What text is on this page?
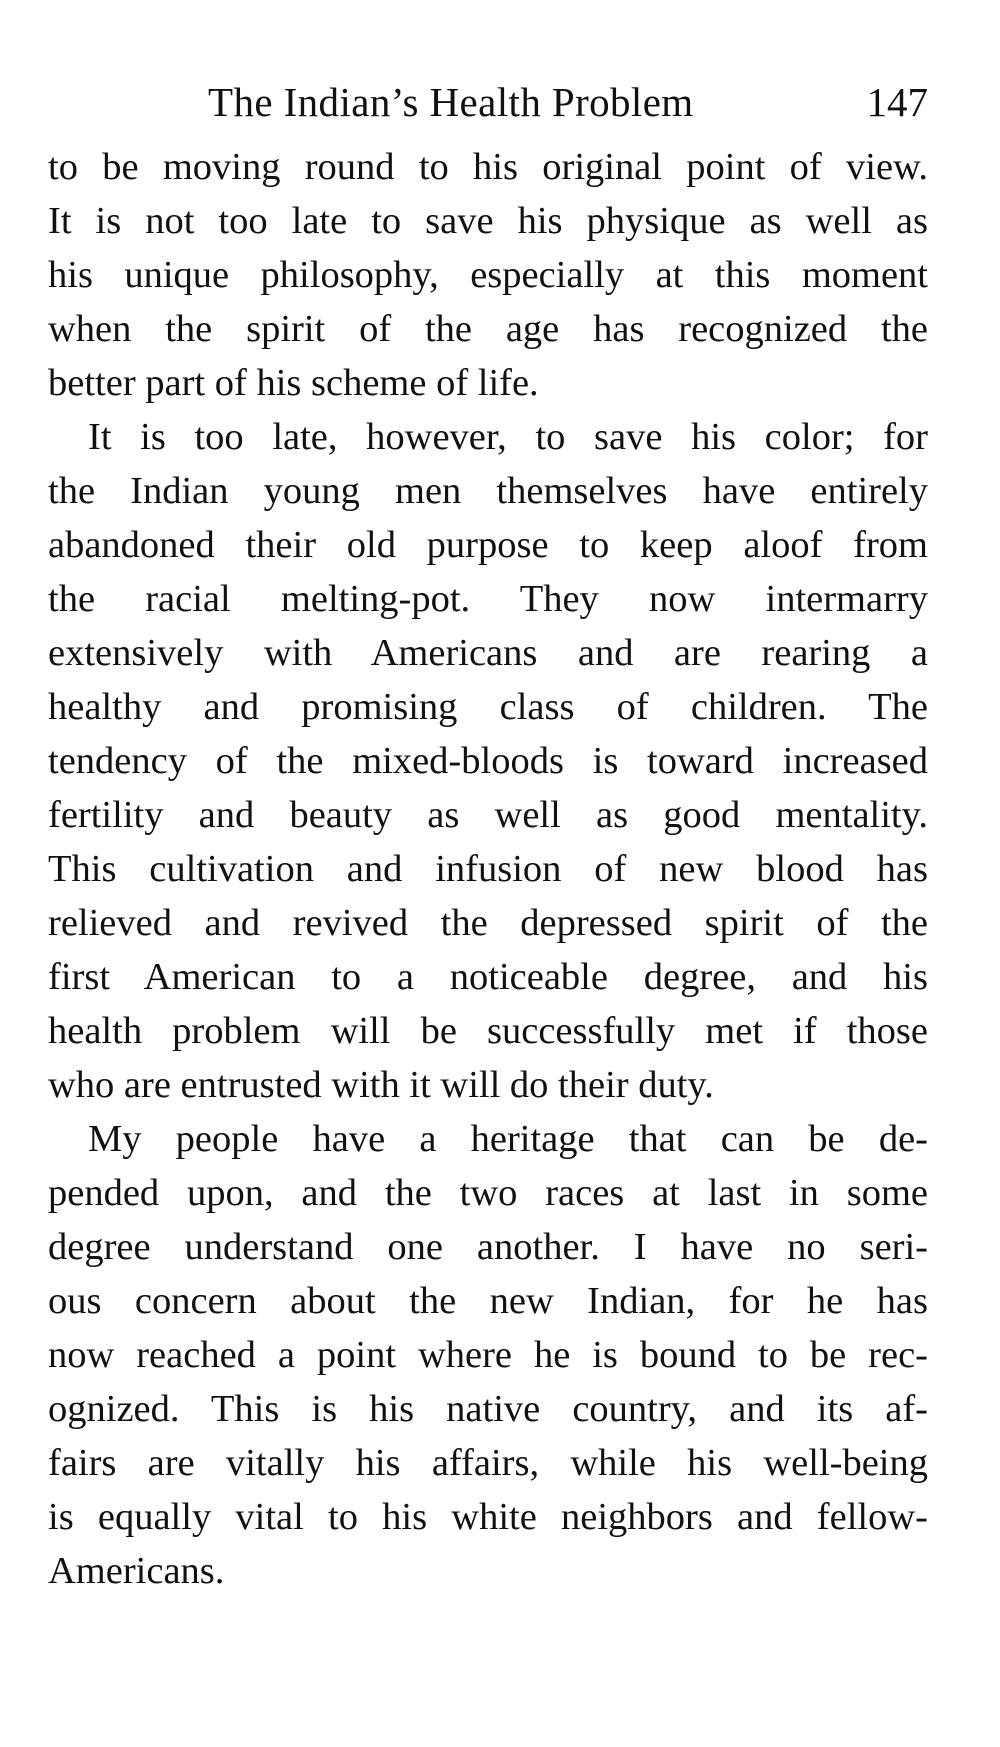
The Indian’s Health Problem	147
to be moving round to his original point of view.
It is not too late to save his physique as well as
his unique philosophy, especially at this moment
when the spirit of the age has recognized the
better part of his scheme of life.
It is too late, however, to save his color; for
the Indian young men themselves have entirely
abandoned their old purpose to keep aloof from
the racial melting-pot. They now intermarry
extensively with Americans and are rearing a
healthy and promising class of children. The
tendency of the mixed-bloods is toward increased
fertility and beauty as well as good mentality.
This cultivation and infusion of new blood has
relieved and revived the depressed spirit of the
first American to a noticeable degree, and his
health problem will be successfully met if those
who are entrusted with it will do their duty.
My people have a heritage that can be de-
pended upon, and the two races at last in some
degree understand one another. I have no seri-
ous concern about the new Indian, for he has
now reached a point where he is bound to be rec-
ognized. This is his native country, and its af-
fairs are vitally his affairs, while his well-being
is equally vital to his white neighbors and fellow-
Americans.
